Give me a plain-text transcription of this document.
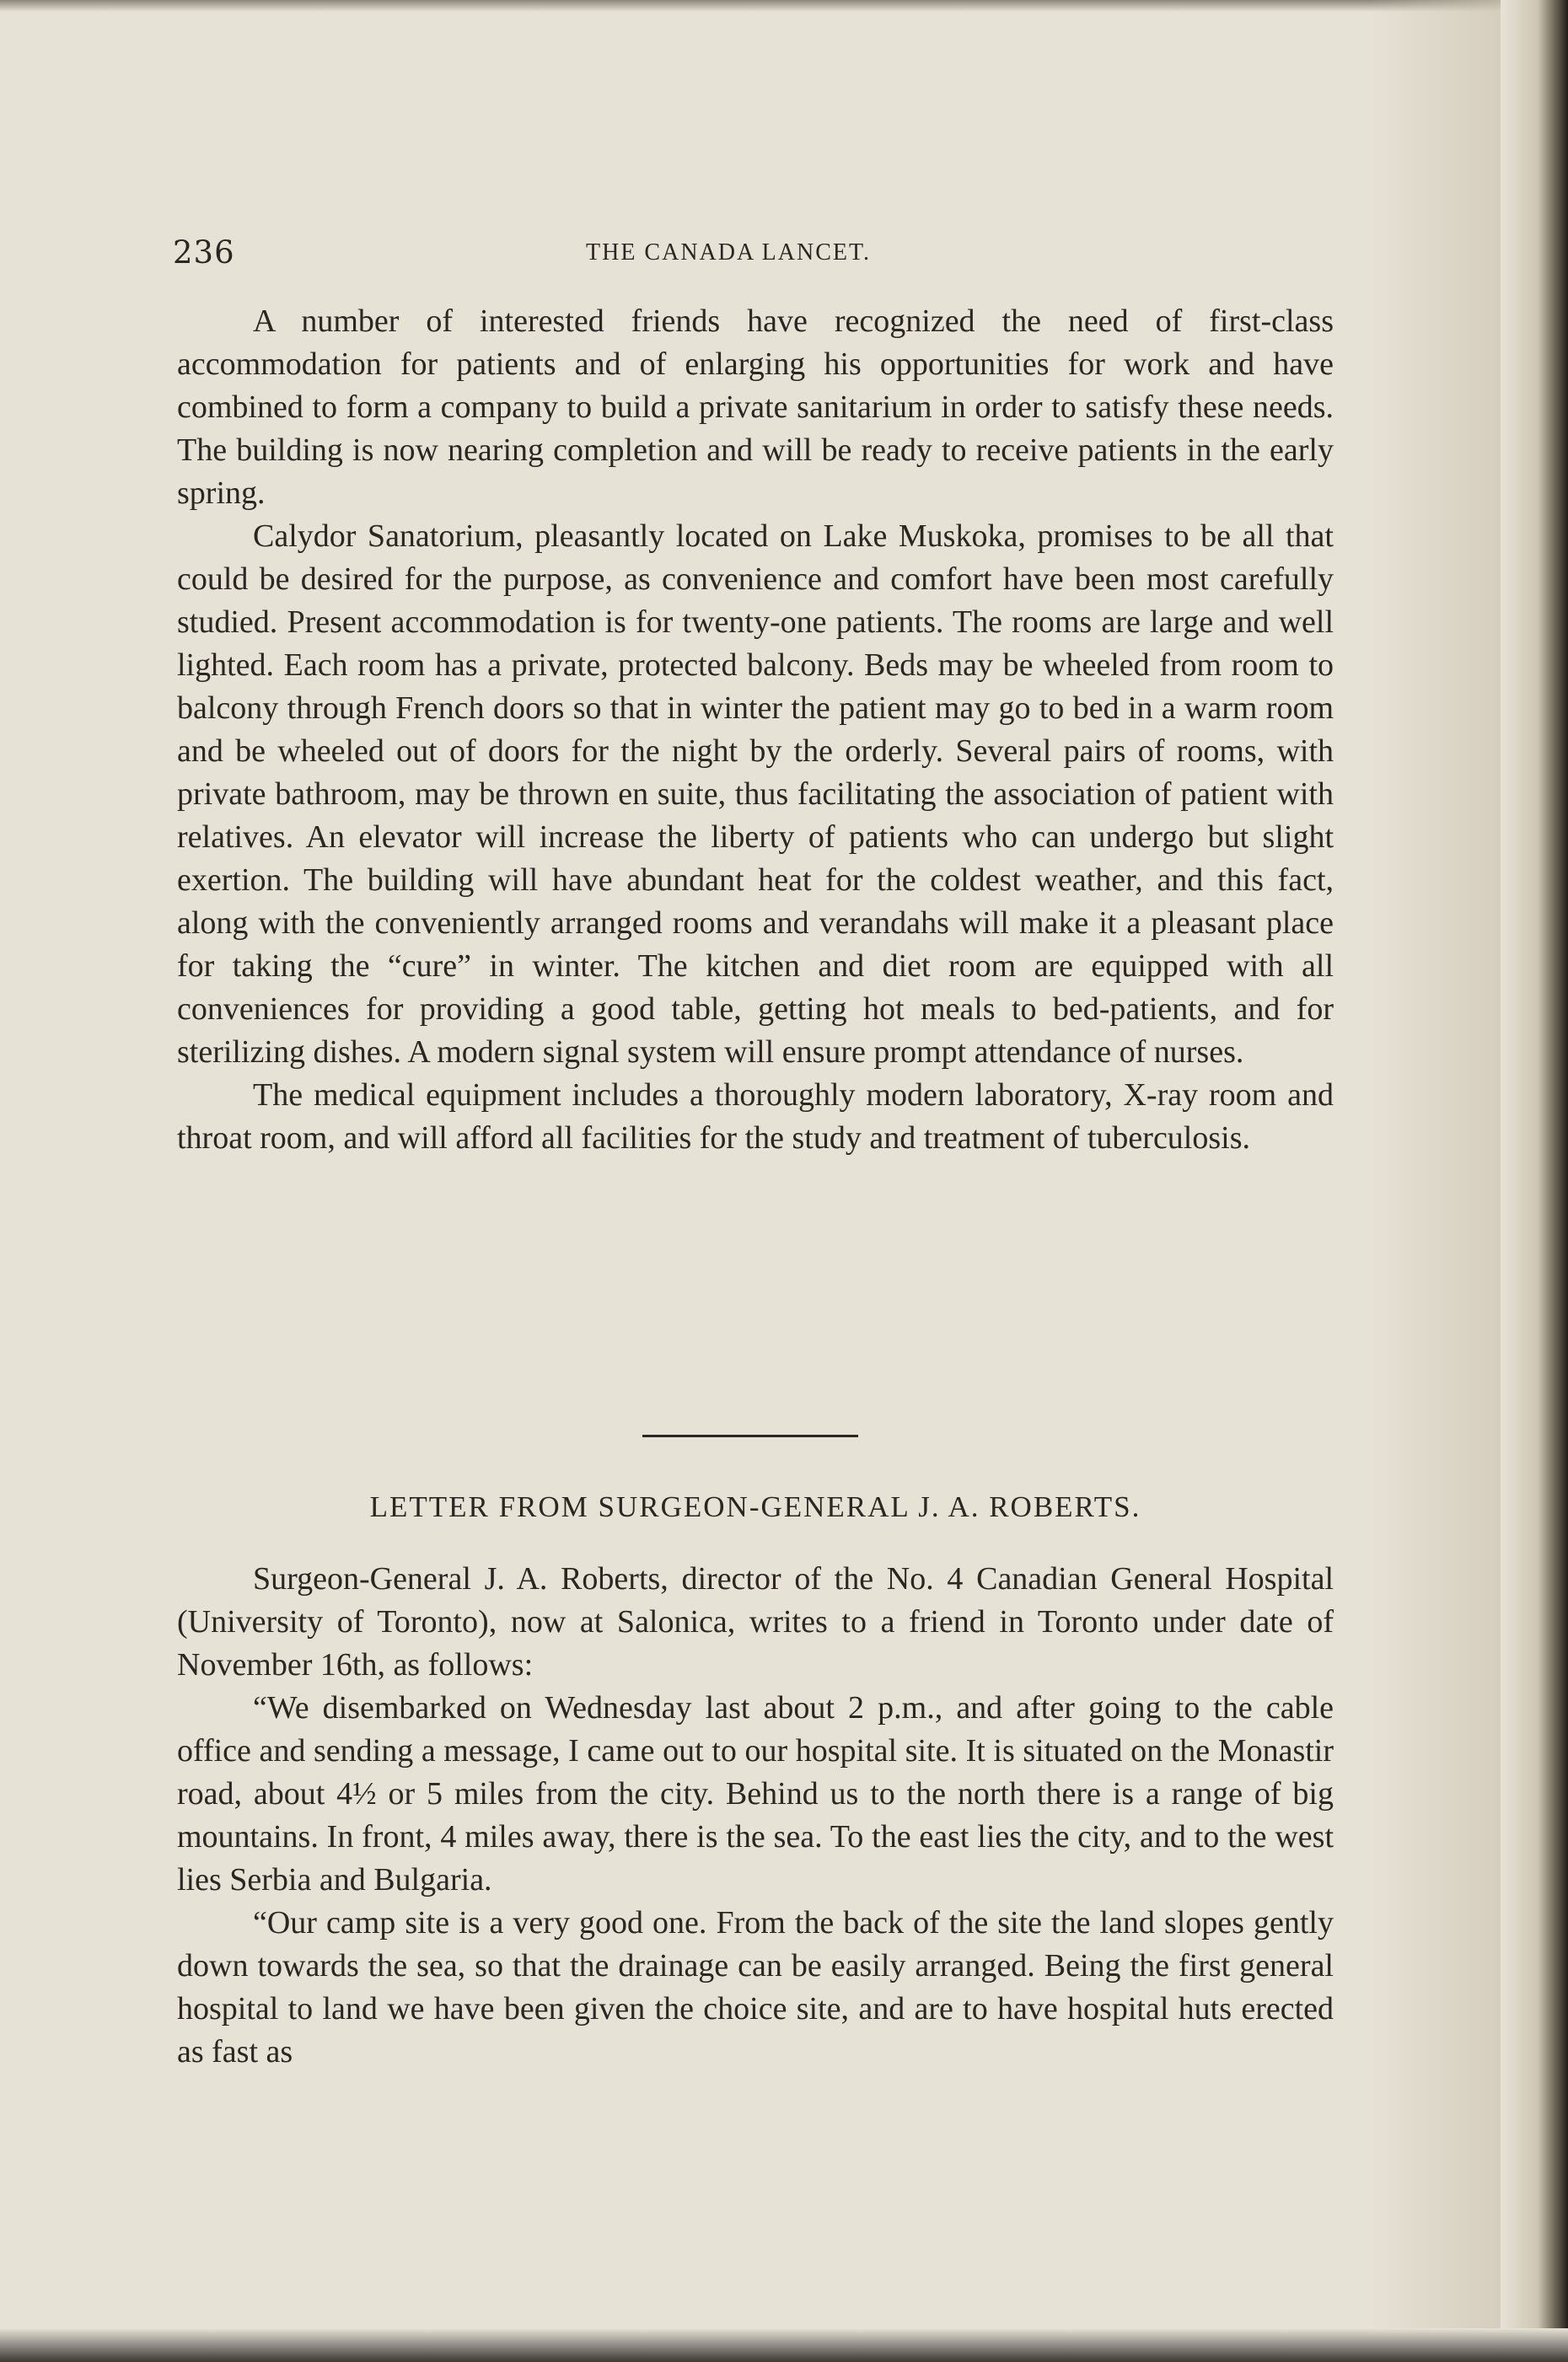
236	THE CANADA LANCET.

A number of interested friends have recognized the need of first-class accommodation for patients and of enlarging his opportunities for work and have combined to form a company to build a private sanitarium in order to satisfy these needs. The building is now nearing completion and will be ready to receive patients in the early spring.

Calydor Sanatorium, pleasantly located on Lake Muskoka, promises to be all that could be desired for the purpose, as convenience and comfort have been most carefully studied. Present accommodation is for twenty-one patients. The rooms are large and well lighted. Each room has a private, protected balcony. Beds may be wheeled from room to balcony through French doors so that in winter the patient may go to bed in a warm room and be wheeled out of doors for the night by the orderly. Several pairs of rooms, with private bathroom, may be thrown en suite, thus facilitating the association of patient with relatives. An elevator will increase the liberty of patients who can undergo but slight exertion. The building will have abundant heat for the coldest weather, and this fact, along with the conveniently arranged rooms and verandahs will make it a pleasant place for taking the “cure” in winter. The kitchen and diet room are equipped with all conveniences for providing a good table, getting hot meals to bed-patients, and for sterilizing dishes. A modern signal system will ensure prompt attendance of nurses.

The medical equipment includes a thoroughly modern laboratory, X-ray room and throat room, and will afford all facilities for the study and treatment of tuberculosis.

LETTER FROM SURGEON-GENERAL J. A. ROBERTS.

Surgeon-General J. A. Roberts, director of the No. 4 Canadian General Hospital (University of Toronto), now at Salonica, writes to a friend in Toronto under date of November 16th, as follows:

“We disembarked on Wednesday last about 2 p.m., and after going to the cable office and sending a message, I came out to our hospital site. It is situated on the Monastir road, about 4½ or 5 miles from the city. Behind us to the north there is a range of big mountains. In front, 4 miles away, there is the sea. To the east lies the city, and to the west lies Serbia and Bulgaria.

“Our camp site is a very good one. From the back of the site the land slopes gently down towards the sea, so that the drainage can be easily arranged. Being the first general hospital to land we have been given the choice site, and are to have hospital huts erected as fast as
